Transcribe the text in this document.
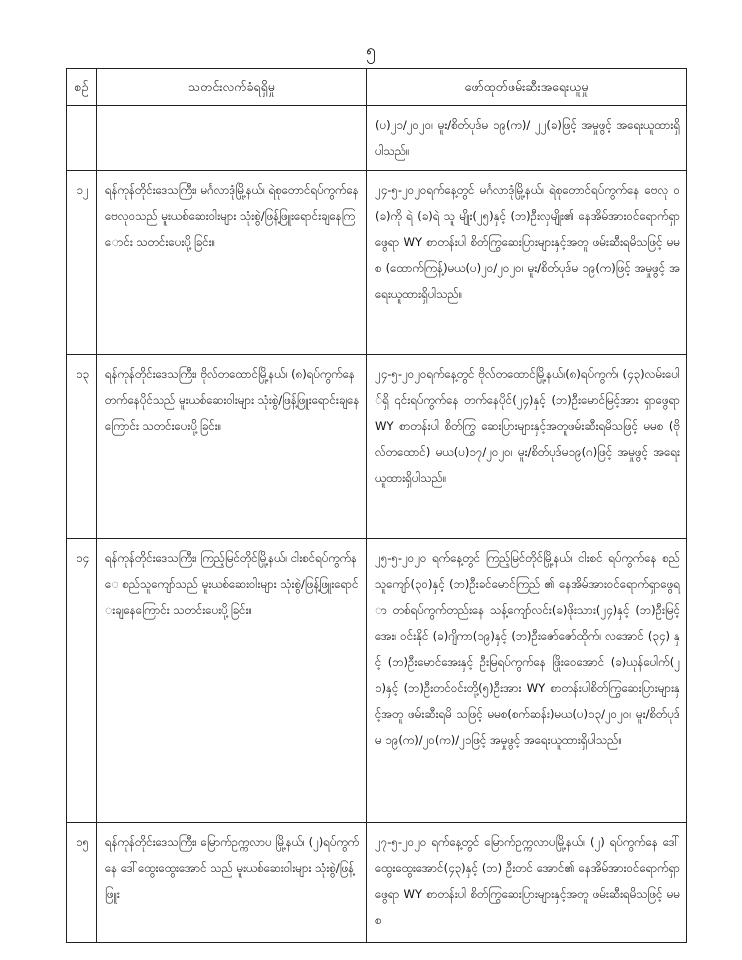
၅
စဉ်	သတင်းလက်ခံရရှိမှု	ဖော်ထုတ်ဖမ်းဆီးအရေးယူမှု
		(ပ)၂၁/၂၀၂၀၊ မူး/စိတ်ပုဒ်မ ၁၉(က)/ ၂၂(ခ)ဖြင့် အမှုဖွင့် အရေးယူထားရှိပါသည်။
၁၂	ရန်ကုန်တိုင်းဒေသကြီး၊ မင်္ဂလာဒုံမြို့နယ်၊ ရဲစုတောင်ရပ်ကွက်နေ ဗေလုဝသည် မူးယစ်ဆေးဝါးများ သုံးစွဲ/ဖြန့်ဖြူးရောင်းချနေကြောင်း သတင်းပေးပို့ခြင်း။	၂၄-၅-၂၀၂၀ရက်နေ့တွင် မင်္ဂလာဒုံမြို့နယ်၊ ရဲစုတောင်ရပ်ကွက်နေ ဗေလု ဝ(ခ)ကို ရဲ (ခ)ရဲ သူ မျိုး(၂၅)နှင့် (ဘ)ဦးလှမျိုး၏ နေအိမ်အားဝင်ရောက်ရှာဖွေရာ WY စာတန်းပါ စိတ်ကြွဆေးပြားများနှင့်အတူ ဖမ်းဆီးရမိသဖြင့် မမစ (ထောက်ကြန့်)မယ(ပ)၂၀/၂၀၂၀၊ မူး/စိတ်ပုဒ်မ ၁၉(က)ဖြင့် အမှုဖွင့် အရေးယူထားရှိပါသည်။
၁၃	ရန်ကုန်တိုင်းဒေသကြီး၊ ဗိုလ်တထောင်မြို့နယ်၊ (၈)ရပ်ကွက်နေ တက်နေပိုင်သည် မူးယစ်ဆေးဝါးများ သုံးစွဲ/ဖြန့်ဖြူးရောင်းချနေကြောင်း သတင်းပေးပို့ခြင်း။	၂၄-၅-၂၀၂၀ရက်နေ့တွင် ဗိုလ်တထောင်မြို့နယ်၊(၈)ရပ်ကွက်၊ (၄၃)လမ်းပေါ်ရှိ ၎င်းရပ်ကွက်နေ တက်နေပိုင်(၂၄)နှင့် (ဘ)ဦးမောင်မြင့်အား ရှာဖွေရာ WY စာတန်းပါ စိတ်ကြွ ဆေးပြားများနှင့်အတူဖမ်းဆီးရမိသဖြင့် မမစ (ဗိုလ်တထောင်) မယ(ပ)၁၇/၂၀၂၀၊ မူး/စိတ်ပုဒ်မ၁၉(ဂ)ဖြင့် အမှုဖွင့် အရေးယူထားရှိပါသည်။
၁၄	ရန်ကုန်တိုင်းဒေသကြီး၊ ကြည့်မြင်တိုင်မြို့နယ်၊ ငါးစင်ရပ်ကွက်နေ စည်သူကျော်သည် မူးယစ်ဆေးဝါးများ သုံးစွဲ/ဖြန့်ဖြူးရောင်းချနေကြောင်း သတင်းပေးပို့ခြင်း။	၂၅-၅-၂၀၂၀ ရက်နေ့တွင် ကြည့်မြင်တိုင်မြို့နယ်၊ ငါးစင် ရပ်ကွက်နေ စည်သူကျော်(၃၀)နှင့် (ဘ)ဦးခင်မောင်ကြည် ၏ နေအိမ်အားဝင်ရောက်ရှာဖွေရာ တစ်ရပ်ကွက်တည်းနေ သန့်ကျော်လင်း(ခ)ဖိုးသား(၂၄)နှင့် (ဘ)ဦးမြင့်အေး၊ ဝင်းနိုင် (ခ)ဂျိကာ(၁၉)နှင့် (ဘ)ဦးဇော်ဇော်ထိုက်၊ လအောင် (၃၄) နှင့် (ဘ)ဦးမောင်အေးနှင့် ဦးမြရပ်ကွက်နေ ဖြိုးဝေအောင် (ခ)ယုန်ပေါက်(၂၁)နှင့် (ဘ)ဦးတင်ဝင်းတို့(၅)ဦးအား WY စာတန်းပါစိတ်ကြွဆေးပြားများနှင့်အတူ ဖမ်းဆီးရမိ သဖြင့် မမစ(စက်ဆန်း)မယ(ပ)၁၃/၂၀၂၀၊ မူး/စိတ်ပုဒ်မ ၁၉(က)/၂၀(က)/၂၁ဖြင့် အမှုဖွင့် အရေးယူထားရှိပါသည်။
၁၅	ရန်ကုန်တိုင်းဒေသကြီး၊ မြောက်ဥက္ကလာပ မြို့နယ်၊ (၂)ရပ်ကွက်နေ ဒေါ်ထွေးထွေးအောင် သည် မူးယစ်ဆေးဝါးများ သုံးစွဲ/ဖြန့်ဖြူး	၂၇-၅-၂၀၂၀ ရက်နေ့တွင် မြောက်ဥက္ကလာပမြို့နယ်၊ (၂) ရပ်ကွက်နေ ဒေါ်ထွေးထွေးအောင်(၄၃)နှင့် (ဘ) ဦးတင် အောင်၏ နေအိမ်အားဝင်ရောက်ရှာဖွေရာ WY စာတန်းပါ စိတ်ကြွဆေးပြားများနှင့်အတူ ဖမ်းဆီးရမိသဖြင့် မမစ
